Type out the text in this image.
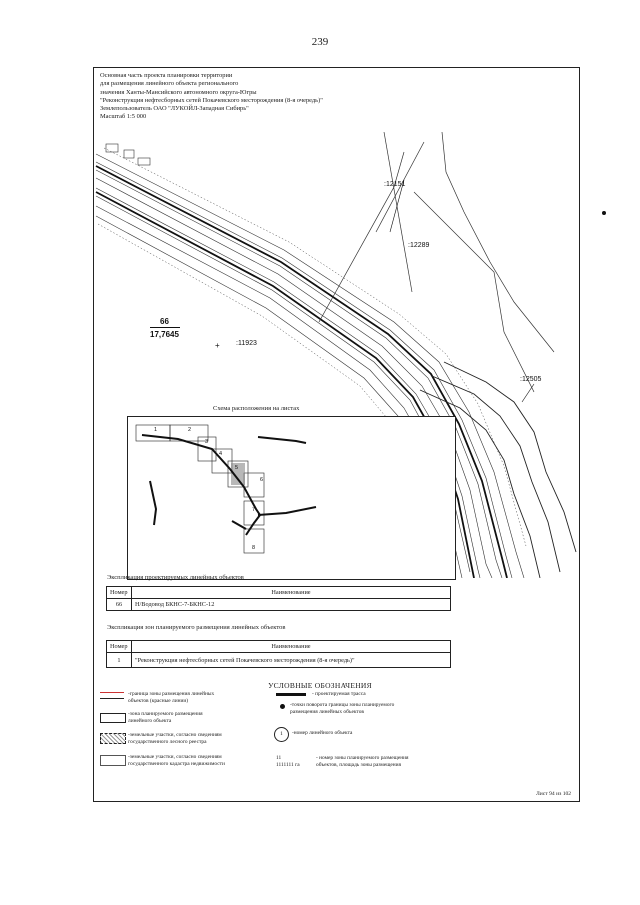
239
Основная часть проекта планировки территории
для размещения линейного объекта регионального
значения Ханты-Мансийского автономного округа-Югры
"Реконструкция нефтесборных сетей Покачевского месторождения (8-я очередь)"
Землепользователь ОАО "ЛУКОЙЛ-Западная Сибирь"
Масштаб 1:5 000
:12151
:12289
:11923
:12505
+
66
17,7645
Схема расположения на листах
1	2
3
4
5
6
7
8
Экспликация проектируемых линейных объектов
Номер	Наименование
66	Н/Водовод БКНС-7-БКНС-12
Экспликация зон планируемого размещения линейных объектов
Номер	Наименование
1	"Реконструкция нефтесборных сетей Покачевского месторождения (8-я очередь)"
УСЛОВНЫЕ ОБОЗНАЧЕНИЯ
-граница зоны размещения линейных
объектов (красные линии)
-зона планируемого размещения
линейного объекта
-земельные участки, согласно сведениям
государственного лесного реестра
-земельные участки, согласно сведениям
государственного кадастра недвижимости
1
11
1111111 га
- проектируемая трасса
-точки поворота границы зоны планируемого
размещения линейных объектов
-номер линейного объекта
- номер зоны планируемого размещения
объектов, площадь зоны размещения
Лист 94 из 102
